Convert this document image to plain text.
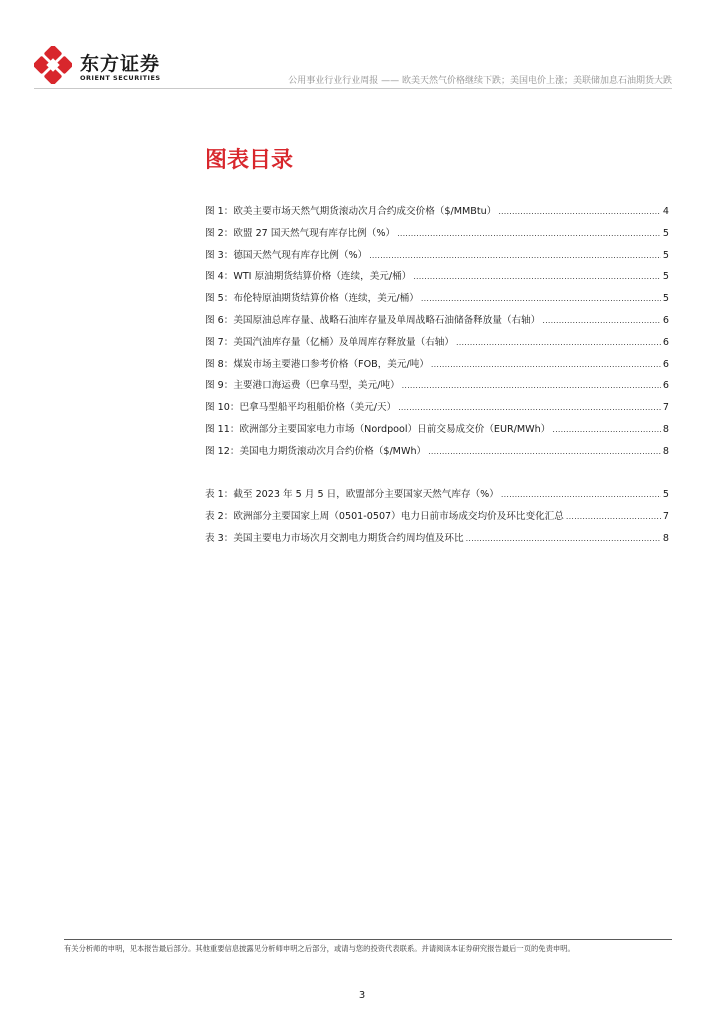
东方证券
ORIENT SECURITIES	公用事业行业行业周报 —— 欧美天然气价格继续下跌；美国电价上涨；美联储加息石油期货大跌
图表目录
图 1：欧美主要市场天然气期货滚动次月合约成交价格（$/MMBtu） .....	4
图 2：欧盟 27 国天然气现有库存比例（%） .....	5
图 3：德国天然气现有库存比例（%） .....	5
图 4：WTI 原油期货结算价格（连续，美元/桶） .....	5
图 5：布伦特原油期货结算价格（连续，美元/桶） .....	5
图 6：美国原油总库存量、战略石油库存量及单周战略石油储备释放量（右轴） .....	6
图 7：美国汽油库存量（亿桶）及单周库存释放量（右轴） .....	6
图 8：煤炭市场主要港口参考价格（FOB，美元/吨） .....	6
图 9：主要港口海运费（巴拿马型，美元/吨） .....	6
图 10：巴拿马型船平均租船价格（美元/天） .....	7
图 11：欧洲部分主要国家电力市场（Nordpool）日前交易成交价（EUR/MWh） .....	8
图 12：美国电力期货滚动次月合约价格（$/MWh） .....	8
表 1：截至 2023 年 5 月 5 日，欧盟部分主要国家天然气库存（%） .....	5
表 2：欧洲部分主要国家上周（0501-0507）电力日前市场成交均价及环比变化汇总 .....	7
表 3：美国主要电力市场次月交割电力期货合约周均值及环比 .....	8
有关分析师的申明，见本报告最后部分。其他重要信息披露见分析师申明之后部分，或请与您的投资代表联系。并请阅读本证券研究报告最后一页的免责申明。
3
